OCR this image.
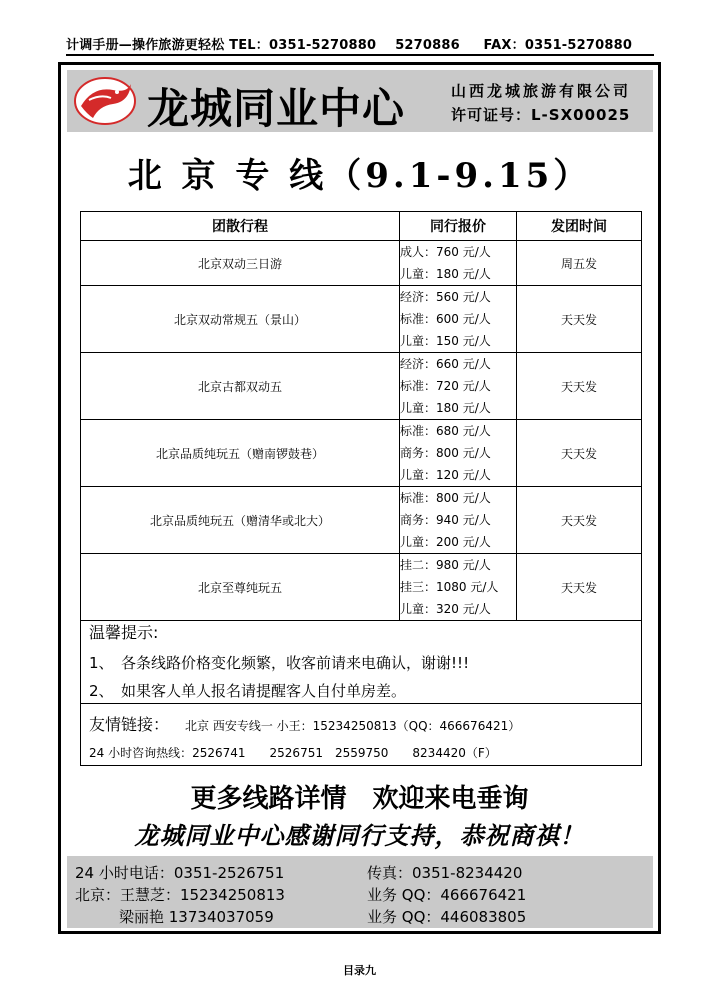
计调手册—操作旅游更轻松 TEL：0351-5270880 5270886 FAX：0351-5270880
龙城同业中心	山西龙城旅游有限公司
许可证号：L-SX00025
北 京 专 线（9.1-9.15）
团散行程	同行报价	发团时间
北京双动三日游	成人：760 元/人
儿童：180 元/人	周五发
北京双动常规五（景山）	经济：560 元/人
标准：600 元/人
儿童：150 元/人	天天发
北京古都双动五	经济：660 元/人
标准：720 元/人
儿童：180 元/人	天天发
北京品质纯玩五（赠南锣鼓巷）	标准：680 元/人
商务：800 元/人
儿童：120 元/人	天天发
北京品质纯玩五（赠清华或北大）	标准：800 元/人
商务：940 元/人
儿童：200 元/人	天天发
北京至尊纯玩五	挂二：980 元/人
挂三：1080 元/人
儿童：320 元/人	天天发
温馨提示:
1、　各条线路价格变化频繁，收客前请来电确认，谢谢!!!
2、　如果客人单人报名请提醒客人自付单房差。
友情链接： 北京 西安专线一 小王：15234250813（QQ：466676421）
24 小时咨询热线：2526741　　2526751　2559750　　8234420（F）
更多线路详情　欢迎来电垂询
龙城同业中心感谢同行支持，恭祝商祺！
24 小时电话：0351-2526751	传真：0351-8234420
北京：王慧芝：15234250813	业务 QQ：466676421
梁丽艳 13734037059	业务 QQ：446083805
目录九
